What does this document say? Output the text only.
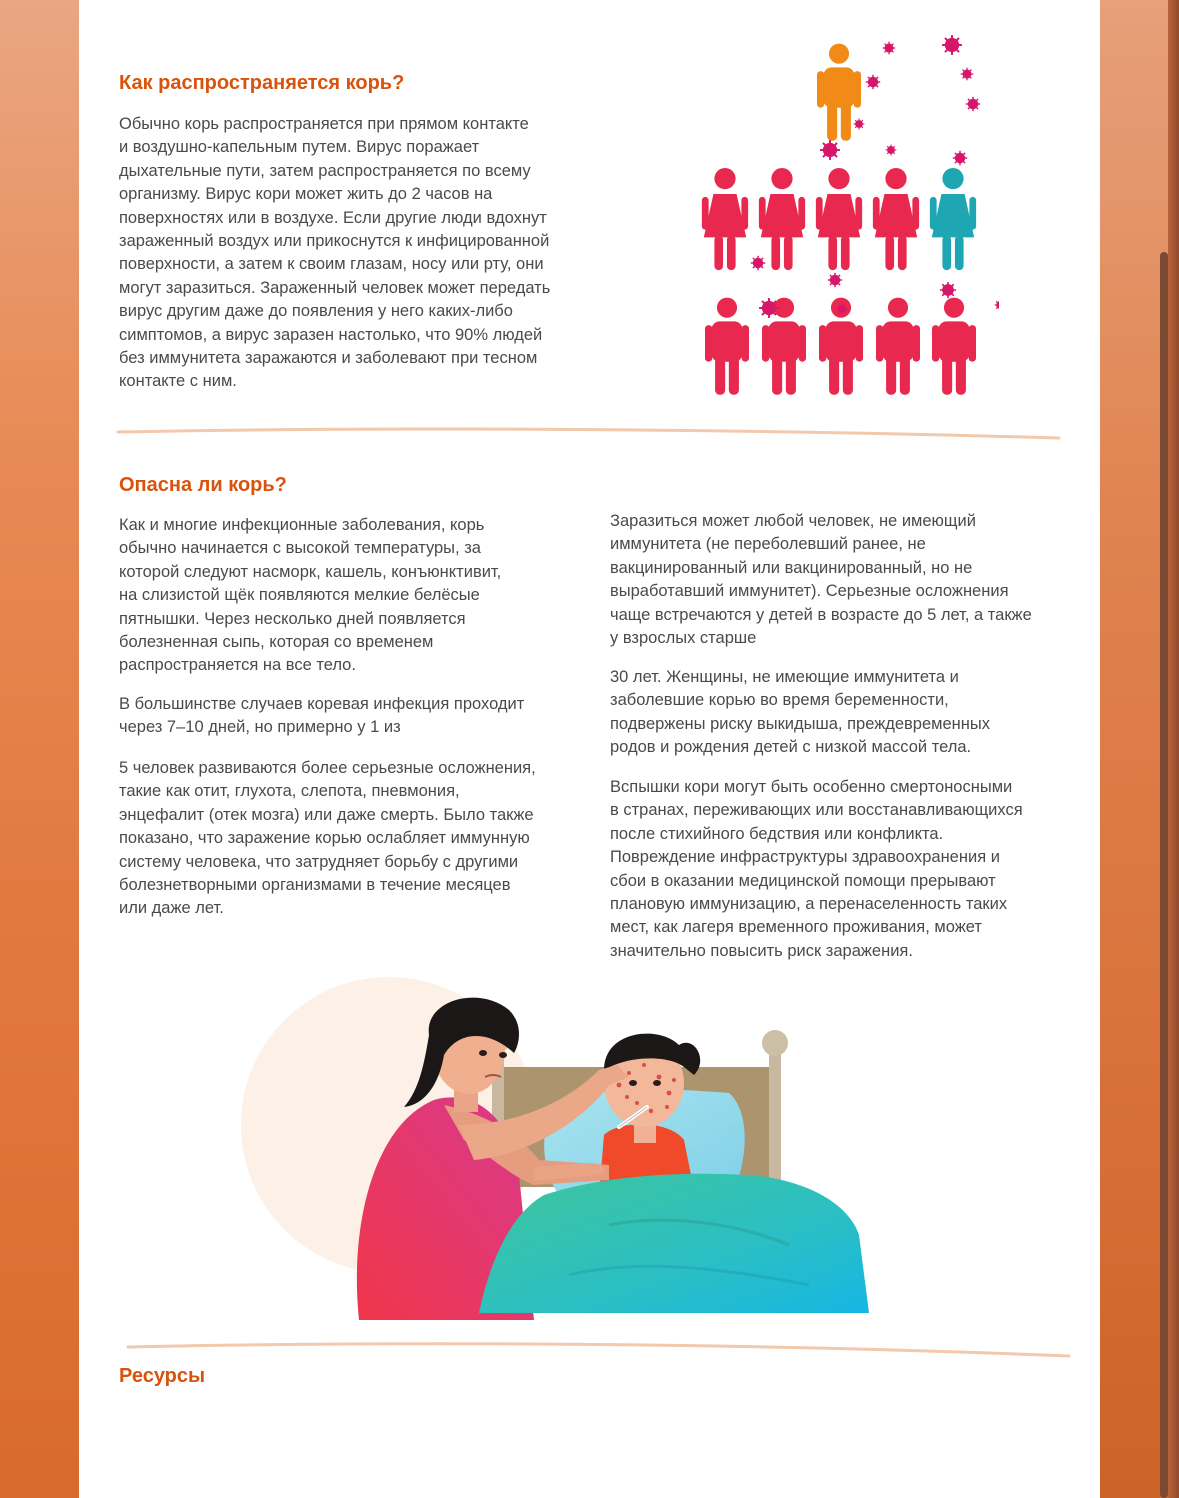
Как распространяется корь?

Обычно корь распространяется при прямом контакте
и воздушно-капельным путем. Вирус поражает
дыхательные пути, затем распространяется по всему
организму. Вирус кори может жить до 2 часов на
поверхностях или в воздухе. Если другие люди вдохнут
зараженный воздух или прикоснутся к инфицированной
поверхности, а затем к своим глазам, носу или рту, они
могут заразиться. Зараженный человек может передать
вирус другим даже до появления у него каких-либо
симптомов, а вирус заразен настолько, что 90% людей
без иммунитета заражаются и заболевают при тесном
контакте с ним.

Опасна ли корь?

Как и многие инфекционные заболевания, корь
обычно начинается с высокой температуры, за
которой следуют насморк, кашель, конъюнктивит,
на слизистой щёк появляются мелкие белёсые
пятнышки. Через несколько дней появляется
болезненная сыпь, которая со временем
распространяется на все тело.

В большинстве случаев коревая инфекция проходит
через 7–10 дней, но примерно у 1 из

5 человек развиваются более серьезные осложнения,
такие как отит, глухота, слепота, пневмония,
энцефалит (отек мозга) или даже смерть. Было также
показано, что заражение корью ослабляет иммунную
систему человека, что затрудняет борьбу с другими
болезнетворными организмами в течение месяцев
или даже лет.

Заразиться может любой человек, не имеющий
иммунитета (не переболевший ранее, не
вакцинированный или вакцинированный, но не
выработавший иммунитет). Серьезные осложнения
чаще встречаются у детей в возрасте до 5 лет, а также
у взрослых старше

30 лет. Женщины, не имеющие иммунитета и
заболевшие корью во время беременности,
подвержены риску выкидыша, преждевременных
родов и рождения детей с низкой массой тела.

Вспышки кори могут быть особенно смертоносными
в странах, переживающих или восстанавливающихся
после стихийного бедствия или конфликта.
Повреждение инфраструктуры здравоохранения и
сбои в оказании медицинской помощи прерывают
плановую иммунизацию, а перенаселенность таких
мест, как лагеря временного проживания, может
значительно повысить риск заражения.

Ресурсы
